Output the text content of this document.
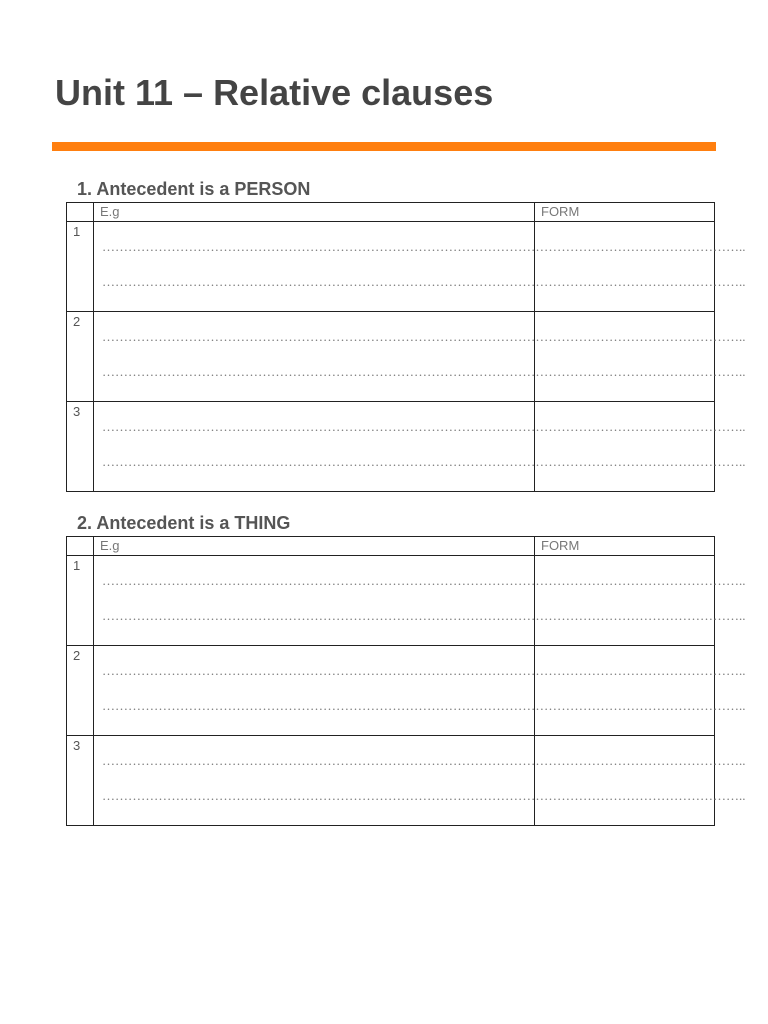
Unit 11 – Relative clauses
1. Antecedent is a PERSON

	E.g	FORM

1	…………………………………………………………………………………………………………………………………..
…………………………………………………………………………………………………………………………………..	

2	…………………………………………………………………………………………………………………………………..
…………………………………………………………………………………………………………………………………..	

3	…………………………………………………………………………………………………………………………………..
…………………………………………………………………………………………………………………………………..	

2. Antecedent is a THING

	E.g	FORM

1	…………………………………………………………………………………………………………………………………..
…………………………………………………………………………………………………………………………………..	

2	…………………………………………………………………………………………………………………………………..
…………………………………………………………………………………………………………………………………..	

3	…………………………………………………………………………………………………………………………………..
…………………………………………………………………………………………………………………………………..	
